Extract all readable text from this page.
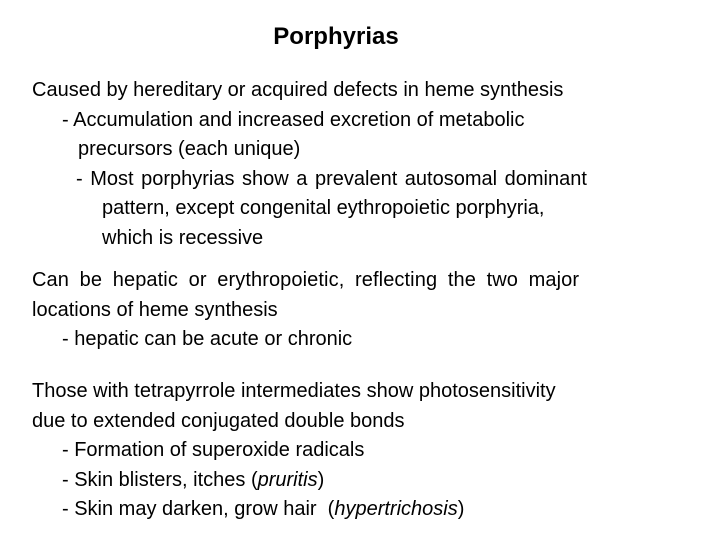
Porphyrias
Caused by hereditary or acquired defects in heme synthesis
- Accumulation and increased excretion of metabolic
precursors (each unique)
- Most porphyrias show a prevalent autosomal dominant
pattern, except congenital eythropoietic porphyria,
which is recessive
Can be hepatic or erythropoietic, reflecting the two major
locations of heme synthesis
- hepatic can be acute or chronic
Those with tetrapyrrole intermediates show photosensitivity
due to extended conjugated double bonds
- Formation of superoxide radicals
- Skin blisters, itches (pruritis)
- Skin may darken, grow hair  (hypertrichosis)
